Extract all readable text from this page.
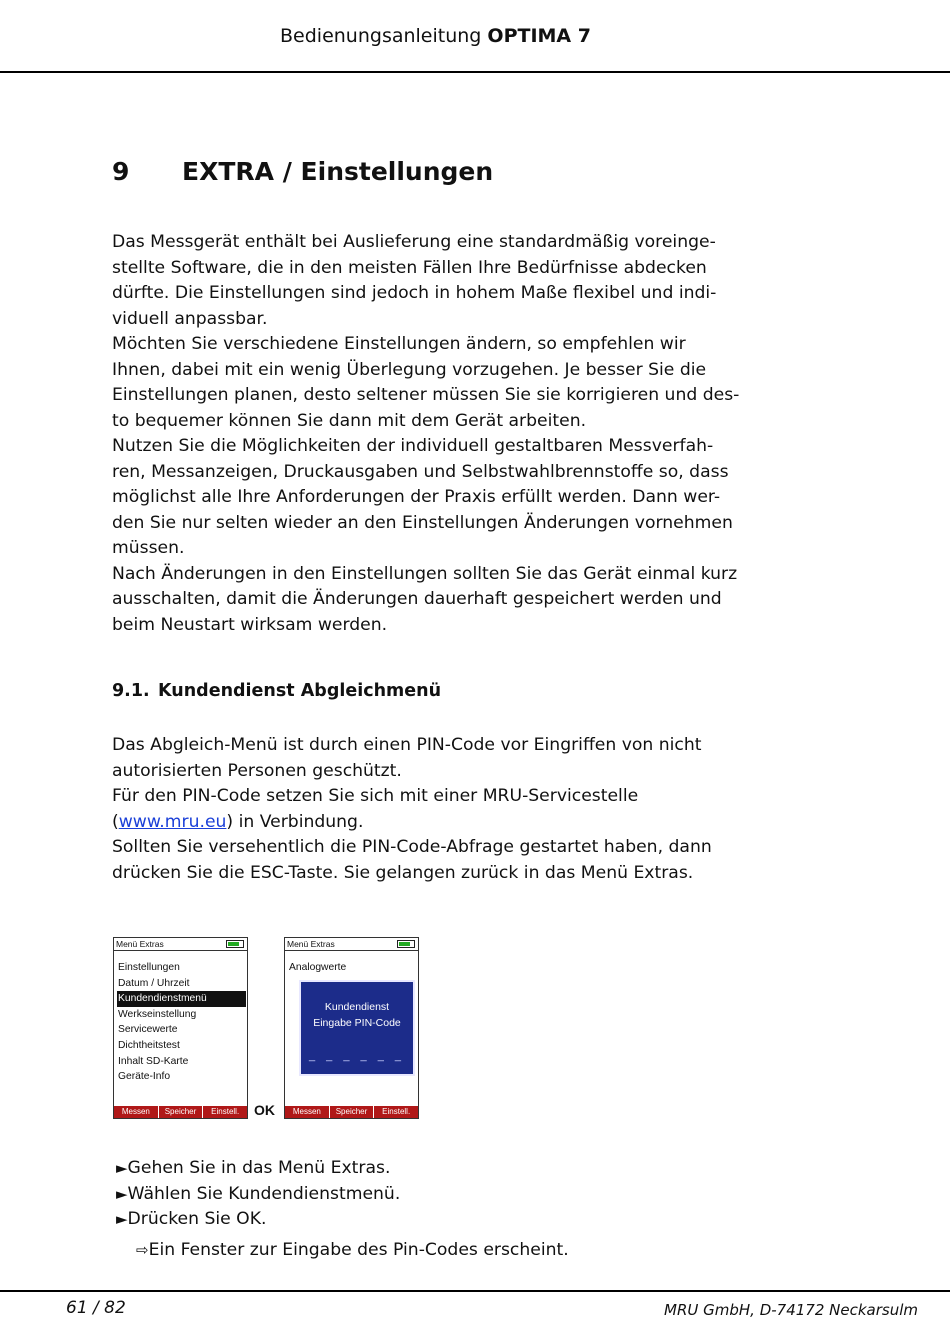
Bedienungsanleitung OPTIMA 7
9 EXTRA / Einstellungen
Das Messgerät enthält bei Auslieferung eine standardmäßig voreinge-
stellte Software, die in den meisten Fällen Ihre Bedürfnisse abdecken
dürfte. Die Einstellungen sind jedoch in hohem Maße flexibel und indi-
viduell anpassbar.
Möchten Sie verschiedene Einstellungen ändern, so empfehlen wir
Ihnen, dabei mit ein wenig Überlegung vorzugehen. Je besser Sie die
Einstellungen planen, desto seltener müssen Sie sie korrigieren und des-
to bequemer können Sie dann mit dem Gerät arbeiten.
Nutzen Sie die Möglichkeiten der individuell gestaltbaren Messverfah-
ren, Messanzeigen, Druckausgaben und Selbstwahlbrennstoffe so, dass
möglichst alle Ihre Anforderungen der Praxis erfüllt werden. Dann wer-
den Sie nur selten wieder an den Einstellungen Änderungen vornehmen
müssen.
Nach Änderungen in den Einstellungen sollten Sie das Gerät einmal kurz
ausschalten, damit die Änderungen dauerhaft gespeichert werden und
beim Neustart wirksam werden.
9.1. Kundendienst Abgleichmenü
Das Abgleich-Menü ist durch einen PIN-Code vor Eingriffen von nicht
autorisierten Personen geschützt.
Für den PIN-Code setzen Sie sich mit einer MRU-Servicestelle
(www.mru.eu) in Verbindung.
Sollten Sie versehentlich die PIN-Code-Abfrage gestartet haben, dann
drücken Sie die ESC-Taste. Sie gelangen zurück in das Menü Extras.
Menü Extras
Einstellungen
Datum / Uhrzeit
Kundendienstmenü
Werkseinstellung
Servicewerte
Dichtheitstest
Inhalt SD-Karte
Geräte-Info
Messen	Speicher	Einstell.	OK
Menü Extras
Analogwerte
Kundendienst
Eingabe PIN-Code
_ _ _ _ _ _
Messen	Speicher	Einstell.
►Gehen Sie in das Menü Extras.
►Wählen Sie Kundendienstmenü.
►Drücken Sie OK.
⇨Ein Fenster zur Eingabe des Pin-Codes erscheint.
61 / 82	MRU GmbH, D-74172 Neckarsulm
